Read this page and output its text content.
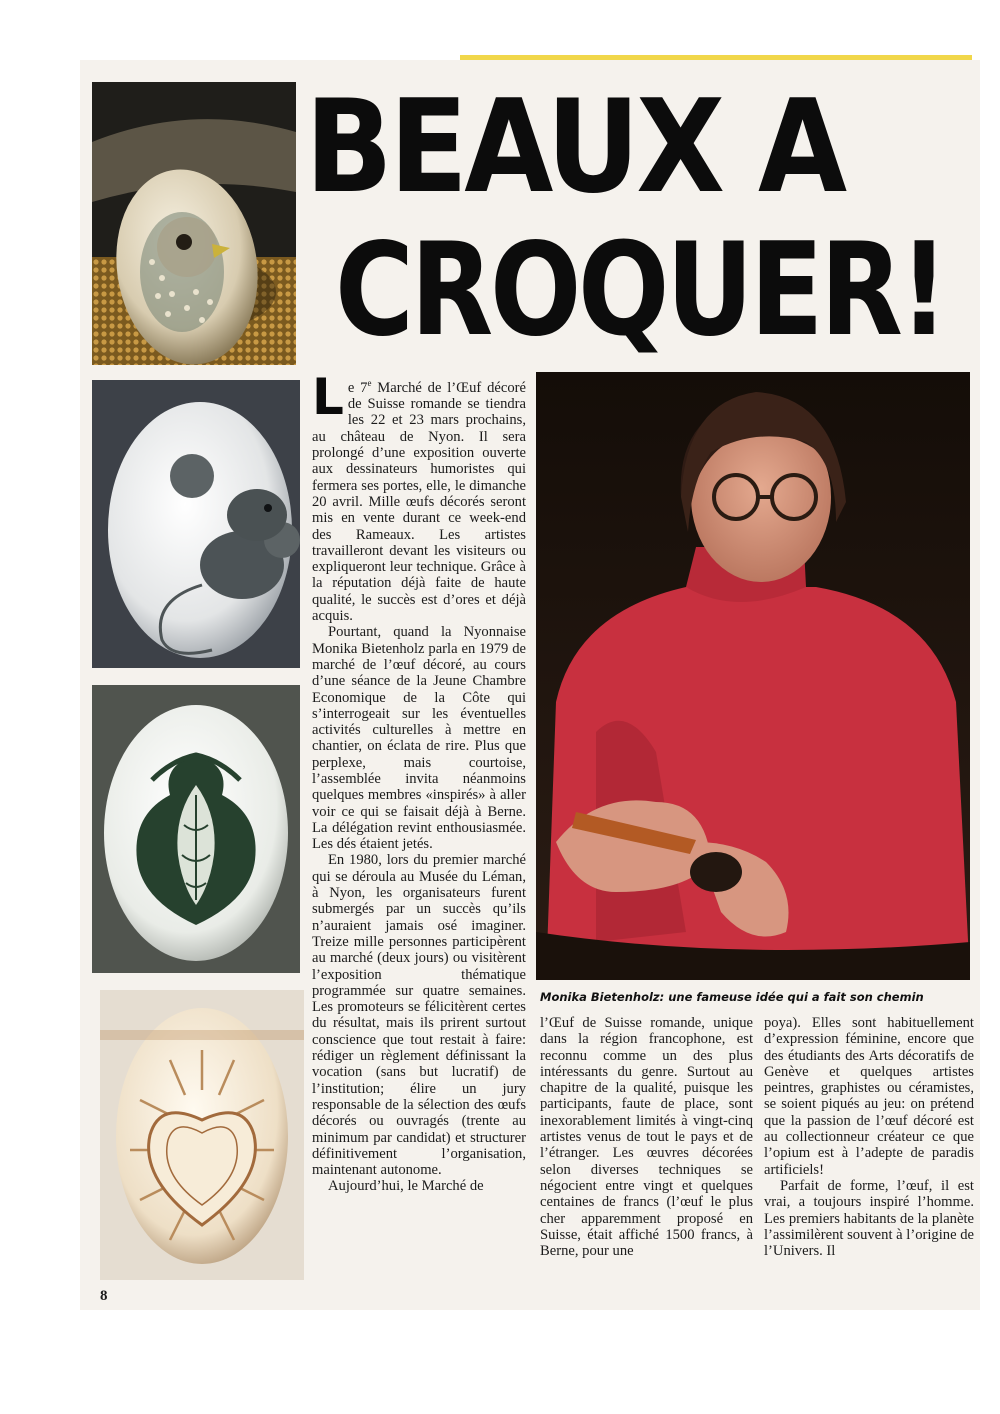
BEAUX A
CROQUER!

Le 7e Marché de l’Œuf décoré de Suisse romande se tiendra les 22 et 23 mars prochains, au château de Nyon. Il sera prolongé d’une exposition ouverte aux dessinateurs humoristes qui fermera ses portes, elle, le dimanche 20 avril. Mille œufs décorés seront mis en vente durant ce week-end des Rameaux. Les artistes travailleront devant les visiteurs ou expliqueront leur technique. Grâce à la réputation déjà faite de haute qualité, le succès est d’ores et déjà acquis.

Pourtant, quand la Nyonnaise Monika Bietenholz parla en 1979 de marché de l’œuf décoré, au cours d’une séance de la Jeune Chambre Economique de la Côte qui s’interrogeait sur les éventuelles activités culturelles à mettre en chantier, on éclata de rire. Plus que perplexe, mais courtoise, l’assemblée invita néanmoins quelques membres «inspirés» à aller voir ce qui se faisait déjà à Berne. La délégation revint enthousiasmée. Les dés étaient jetés.

En 1980, lors du premier marché qui se déroula au Musée du Léman, à Nyon, les organisateurs furent submergés par un succès qu’ils n’auraient jamais osé imaginer. Treize mille personnes participèrent au marché (deux jours) ou visitèrent l’exposition thématique programmée sur quatre semaines. Les promoteurs se félicitèrent certes du résultat, mais ils prirent surtout conscience que tout restait à faire: rédiger un règlement définissant la vocation (sans but lucratif) de l’institution; élire un jury responsable de la sélection des œufs décorés ou ouvragés (trente au minimum par candidat) et structurer définitivement l’organisation, maintenant autonome.

Aujourd’hui, le Marché de

Monika Bietenholz: une fameuse idée qui a fait son chemin

l’Œuf de Suisse romande, unique dans la région francophone, est reconnu comme un des plus intéressants du genre. Surtout au chapitre de la qualité, puisque les participants, faute de place, sont inexorablement limités à vingt-cinq artistes venus de tout le pays et de l’étranger. Les œuvres décorées selon diverses techniques se négocient entre vingt et quelques centaines de francs (l’œuf le plus cher apparemment proposé en Suisse, était affiché 1500 francs, à Berne, pour une

poya). Elles sont habituellement d’expression féminine, encore que des étudiants des Arts décoratifs de Genève et quelques artistes peintres, graphistes ou céramistes, se soient piqués au jeu: on prétend que la passion de l’œuf décoré est au collectionneur créateur ce que l’opium est à l’adepte de paradis artificiels!

Parfait de forme, l’œuf, il est vrai, a toujours inspiré l’homme. Les premiers habitants de la planète l’assimilèrent souvent à l’origine de l’Univers. Il

8
